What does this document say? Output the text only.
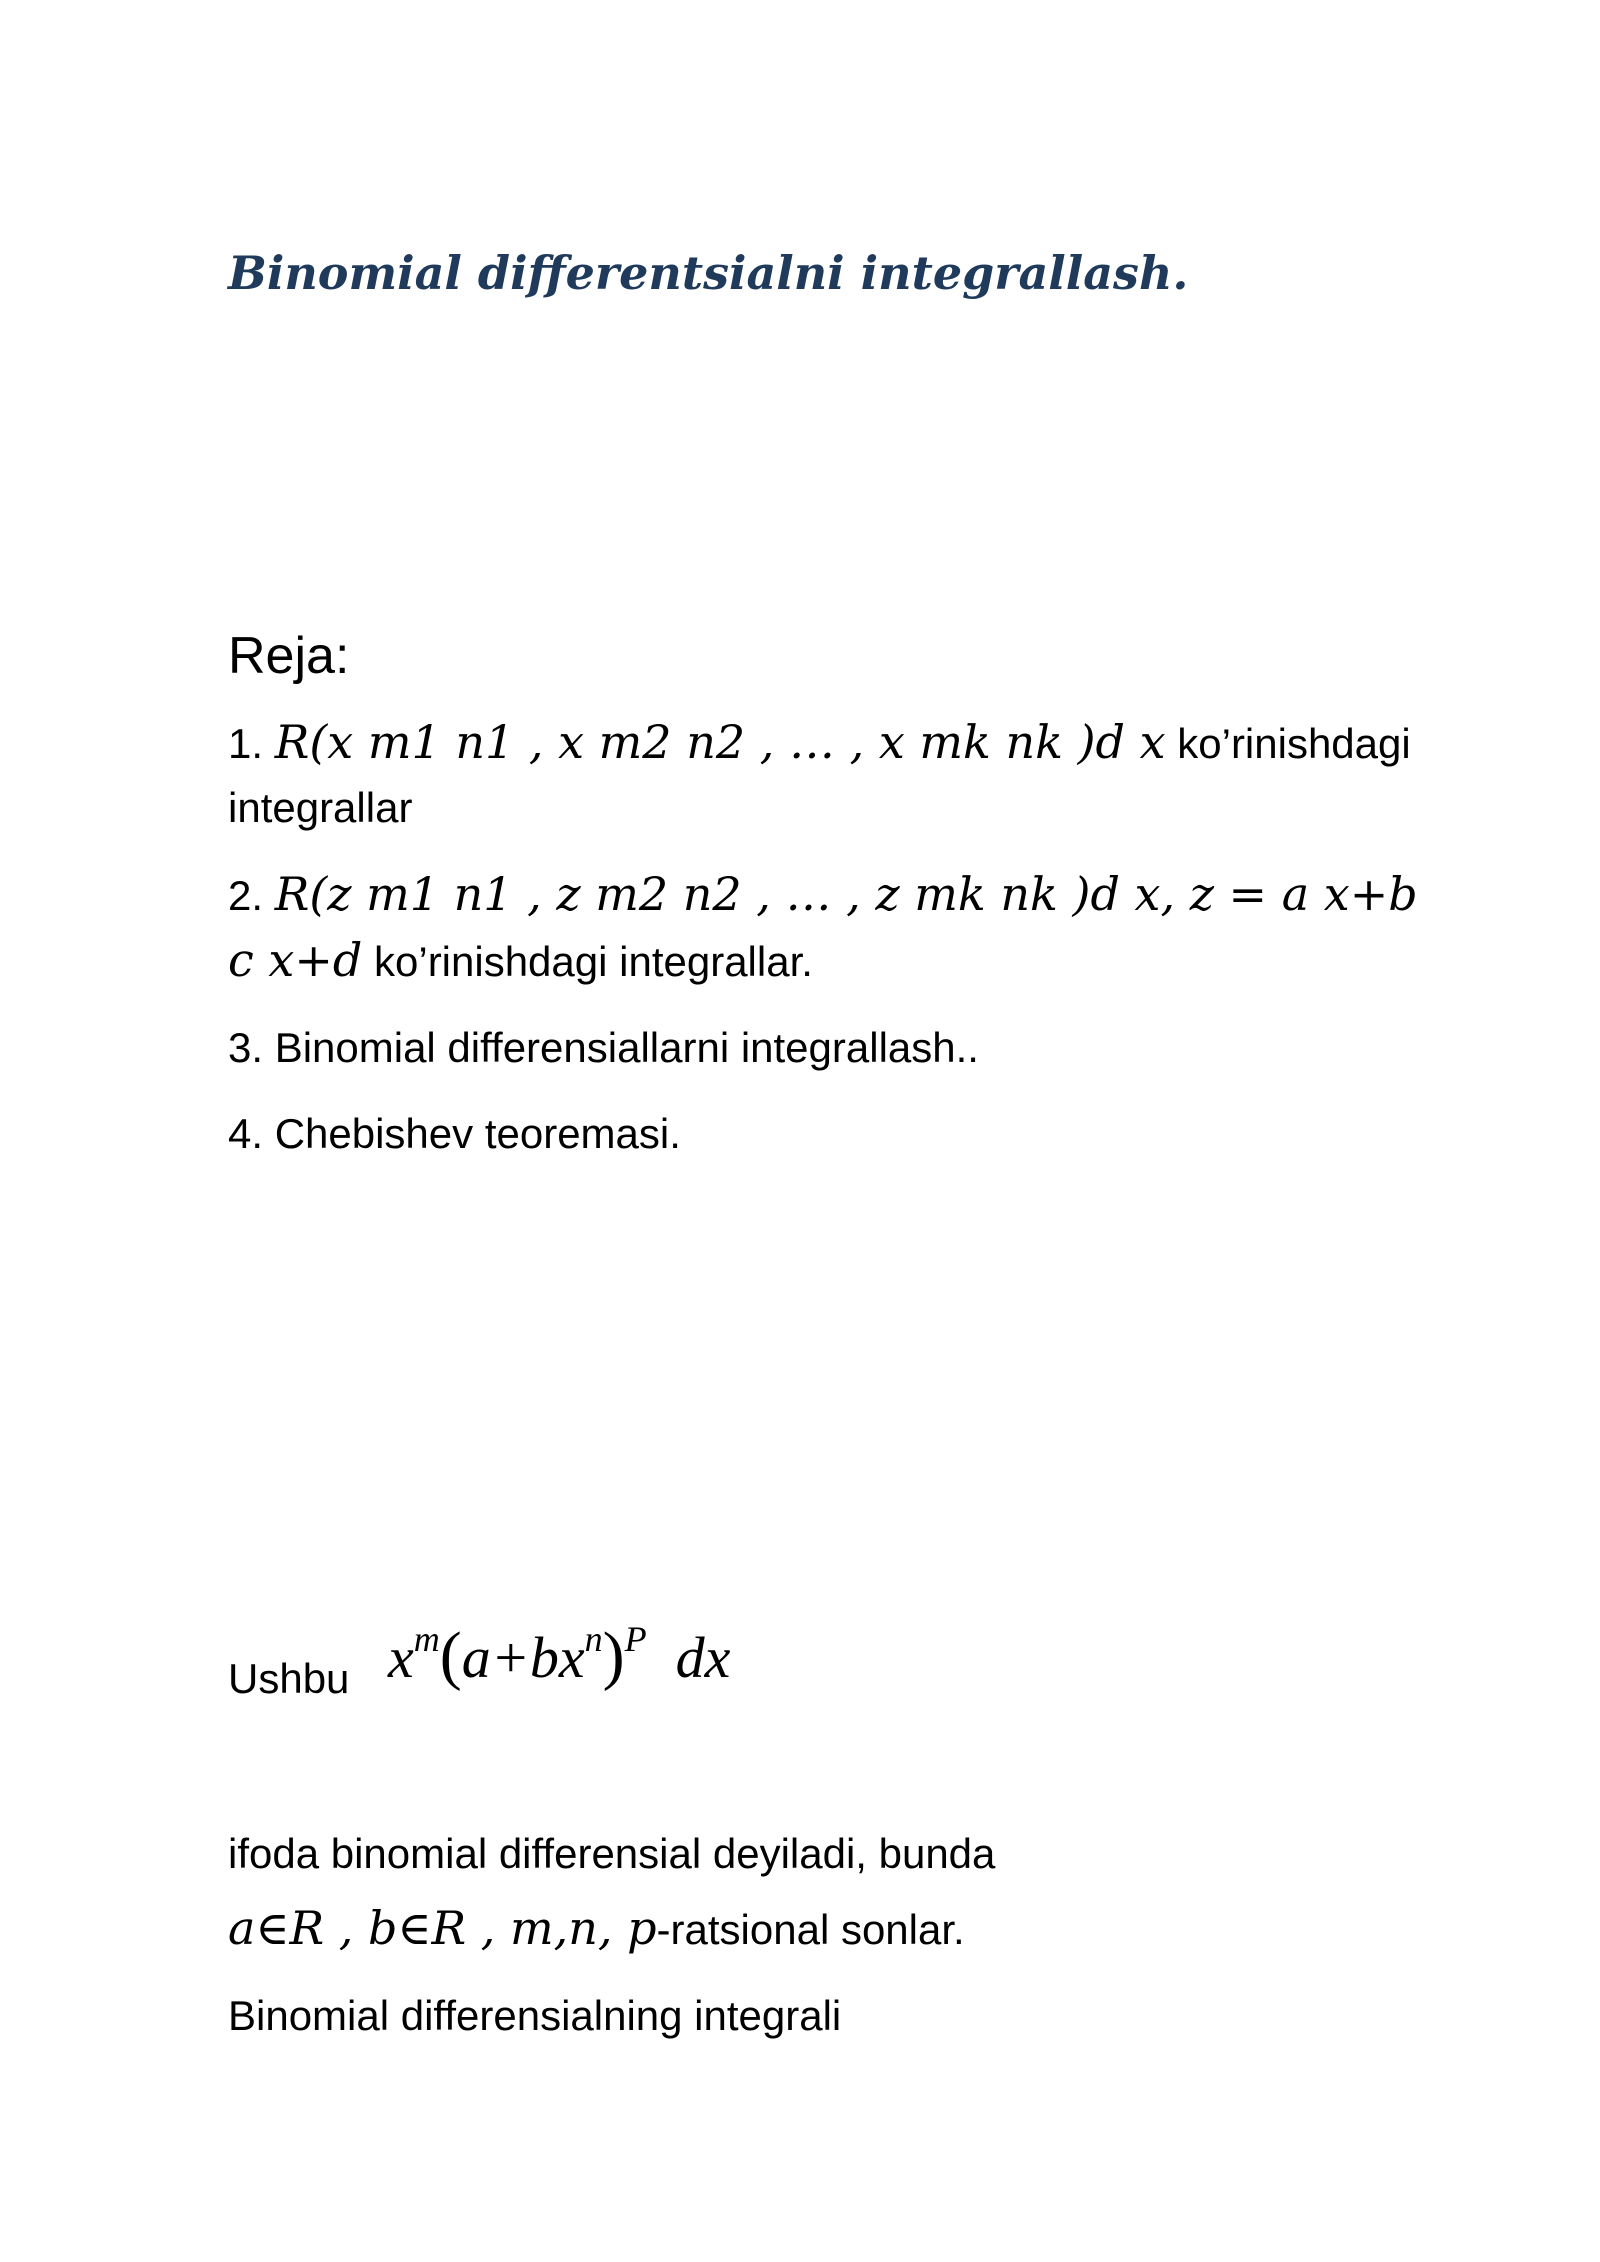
Binomial differentsialni integrallash.
Reja:
1. R(x m1 n1 , x m2 n2 , … , x mk nk )d x ko’rinishdagi
integrallar
2. R(z m1 n1 , z m2 n2 , … , z mk nk )d x, z = a x+b
c x+d ko’rinishdagi integrallar.
3. Binomial differensiallarni integrallash..
4. Chebishev teoremasi.
Ushbu $x^m(a+bx^n)^P$ dx
ifoda binomial differensial deyiladi, bunda
a∈R , b∈R , m,n, p-ratsional sonlar.
Binomial differensialning integrali
